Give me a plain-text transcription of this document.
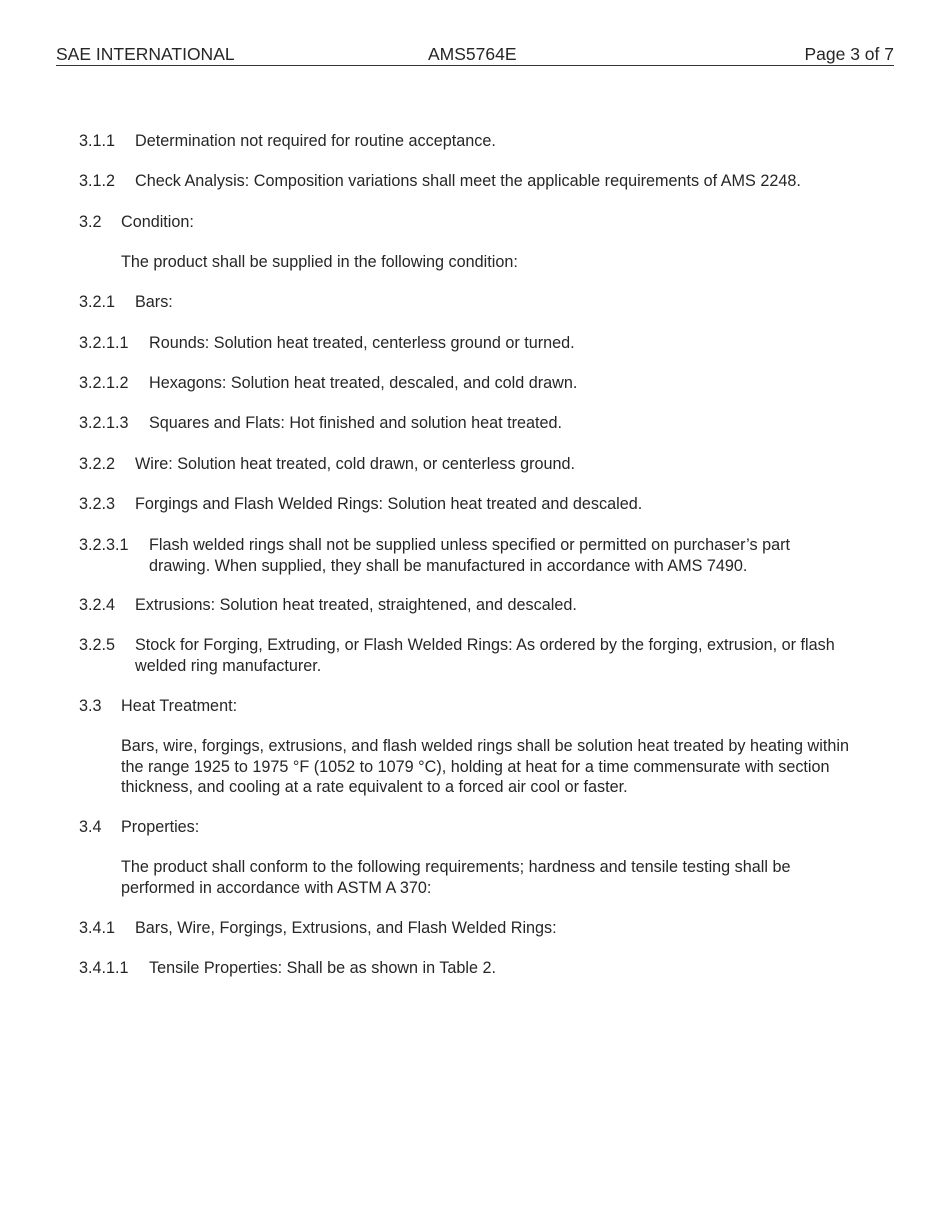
SAE INTERNATIONAL	AMS5764E	Page 3 of 7
3.1.1 Determination not required for routine acceptance.
3.1.2 Check Analysis: Composition variations shall meet the applicable requirements of AMS 2248.
3.2 Condition:
The product shall be supplied in the following condition:
3.2.1 Bars:
3.2.1.1 Rounds: Solution heat treated, centerless ground or turned.
3.2.1.2 Hexagons: Solution heat treated, descaled, and cold drawn.
3.2.1.3 Squares and Flats: Hot finished and solution heat treated.
3.2.2 Wire: Solution heat treated, cold drawn, or centerless ground.
3.2.3 Forgings and Flash Welded Rings: Solution heat treated and descaled.
3.2.3.1 Flash welded rings shall not be supplied unless specified or permitted on purchaser’s part drawing. When supplied, they shall be manufactured in accordance with AMS 7490.
3.2.4 Extrusions: Solution heat treated, straightened, and descaled.
3.2.5 Stock for Forging, Extruding, or Flash Welded Rings: As ordered by the forging, extrusion, or flash welded ring manufacturer.
3.3 Heat Treatment:
Bars, wire, forgings, extrusions, and flash welded rings shall be solution heat treated by heating within the range 1925 to 1975 °F (1052 to 1079 °C), holding at heat for a time commensurate with section thickness, and cooling at a rate equivalent to a forced air cool or faster.
3.4 Properties:
The product shall conform to the following requirements; hardness and tensile testing shall be performed in accordance with ASTM A 370:
3.4.1 Bars, Wire, Forgings, Extrusions, and Flash Welded Rings:
3.4.1.1 Tensile Properties: Shall be as shown in Table 2.
